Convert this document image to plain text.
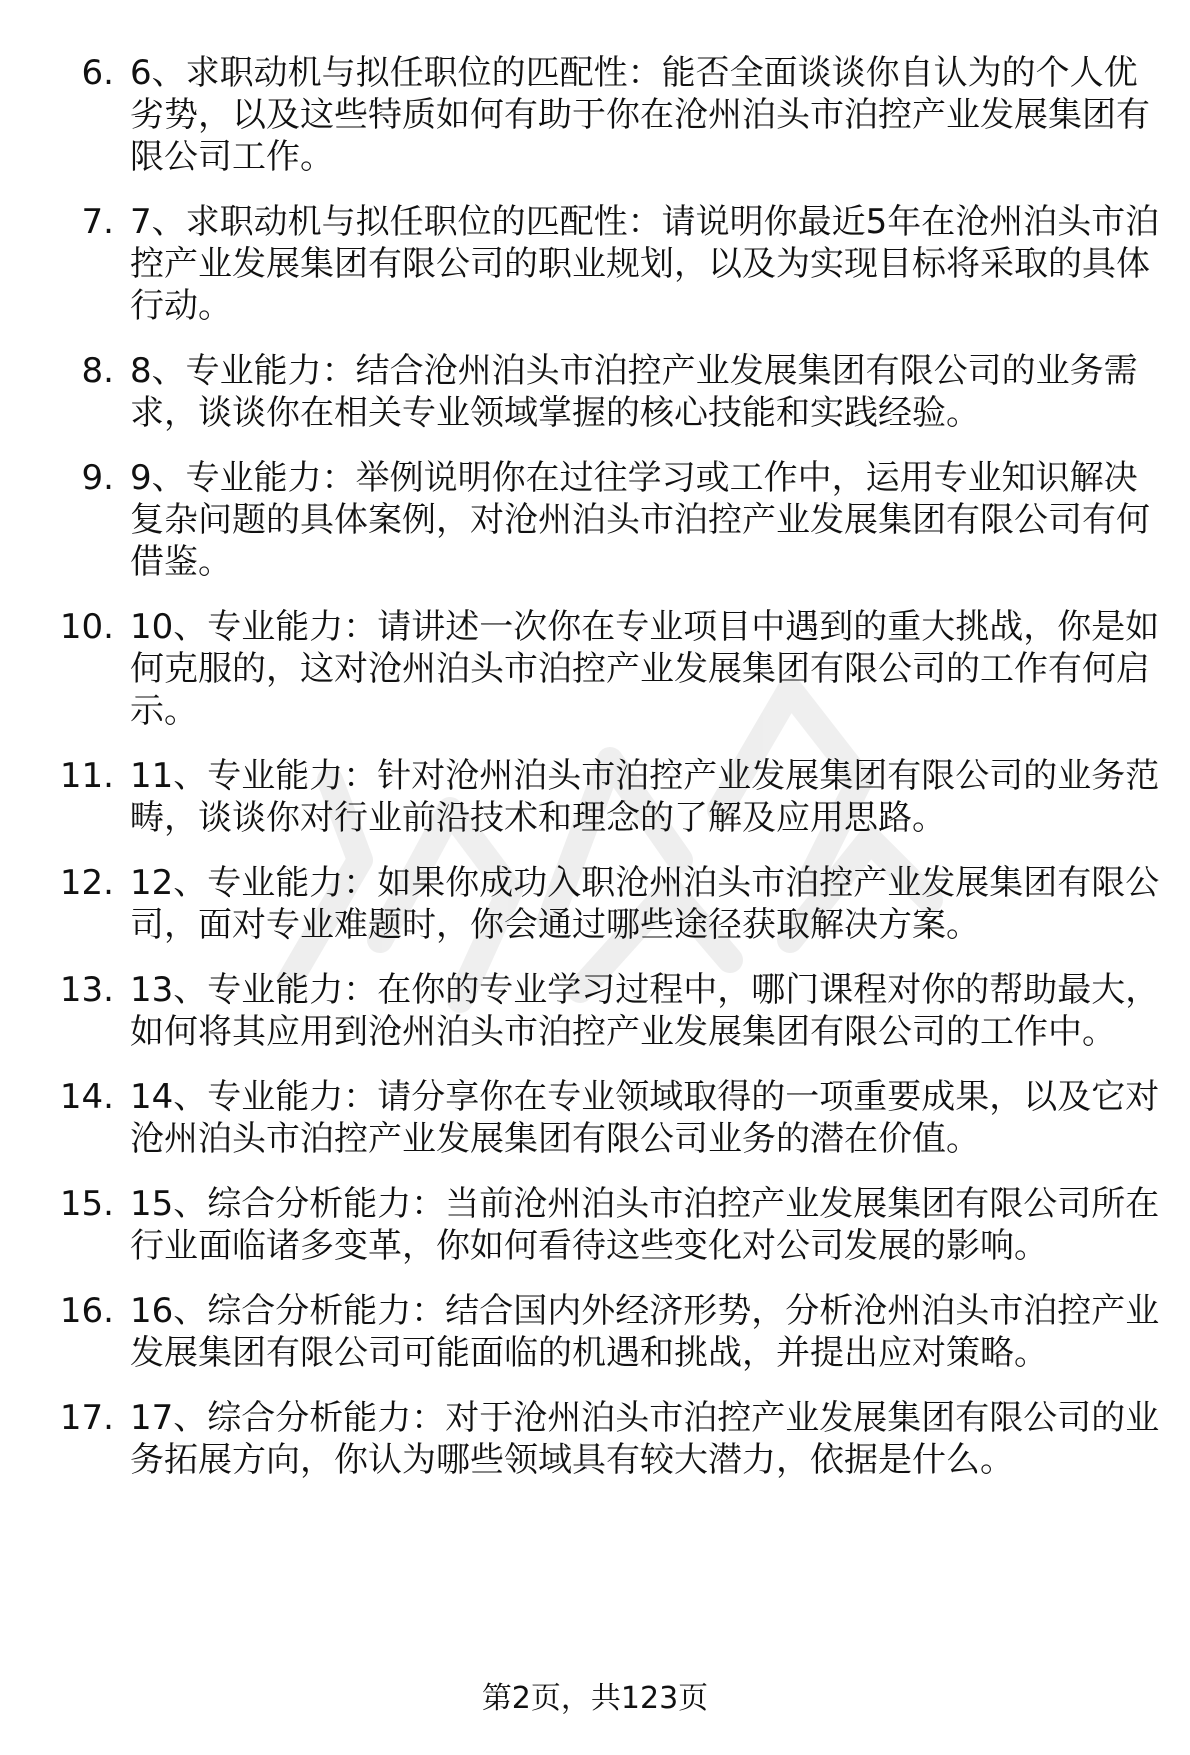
6. 6、求职动机与拟任职位的匹配性：能否全面谈谈你自认为的个人优劣势，以及这些特质如何有助于你在沧州泊头市泊控产业发展集团有限公司工作。
7. 7、求职动机与拟任职位的匹配性：请说明你最近5年在沧州泊头市泊控产业发展集团有限公司的职业规划，以及为实现目标将采取的具体行动。
8. 8、专业能力：结合沧州泊头市泊控产业发展集团有限公司的业务需求，谈谈你在相关专业领域掌握的核心技能和实践经验。
9. 9、专业能力：举例说明你在过往学习或工作中，运用专业知识解决复杂问题的具体案例，对沧州泊头市泊控产业发展集团有限公司有何借鉴。
10. 10、专业能力：请讲述一次你在专业项目中遇到的重大挑战，你是如何克服的，这对沧州泊头市泊控产业发展集团有限公司的工作有何启示。
11. 11、专业能力：针对沧州泊头市泊控产业发展集团有限公司的业务范畴，谈谈你对行业前沿技术和理念的了解及应用思路。
12. 12、专业能力：如果你成功入职沧州泊头市泊控产业发展集团有限公司，面对专业难题时，你会通过哪些途径获取解决方案。
13. 13、专业能力：在你的专业学习过程中，哪门课程对你的帮助最大，如何将其应用到沧州泊头市泊控产业发展集团有限公司的工作中。
14. 14、专业能力：请分享你在专业领域取得的一项重要成果，以及它对沧州泊头市泊控产业发展集团有限公司业务的潜在价值。
15. 15、综合分析能力：当前沧州泊头市泊控产业发展集团有限公司所在行业面临诸多变革，你如何看待这些变化对公司发展的影响。
16. 16、综合分析能力：结合国内外经济形势，分析沧州泊头市泊控产业发展集团有限公司可能面临的机遇和挑战，并提出应对策略。
17. 17、综合分析能力：对于沧州泊头市泊控产业发展集团有限公司的业务拓展方向，你认为哪些领域具有较大潜力，依据是什么。
第2页，共123页
